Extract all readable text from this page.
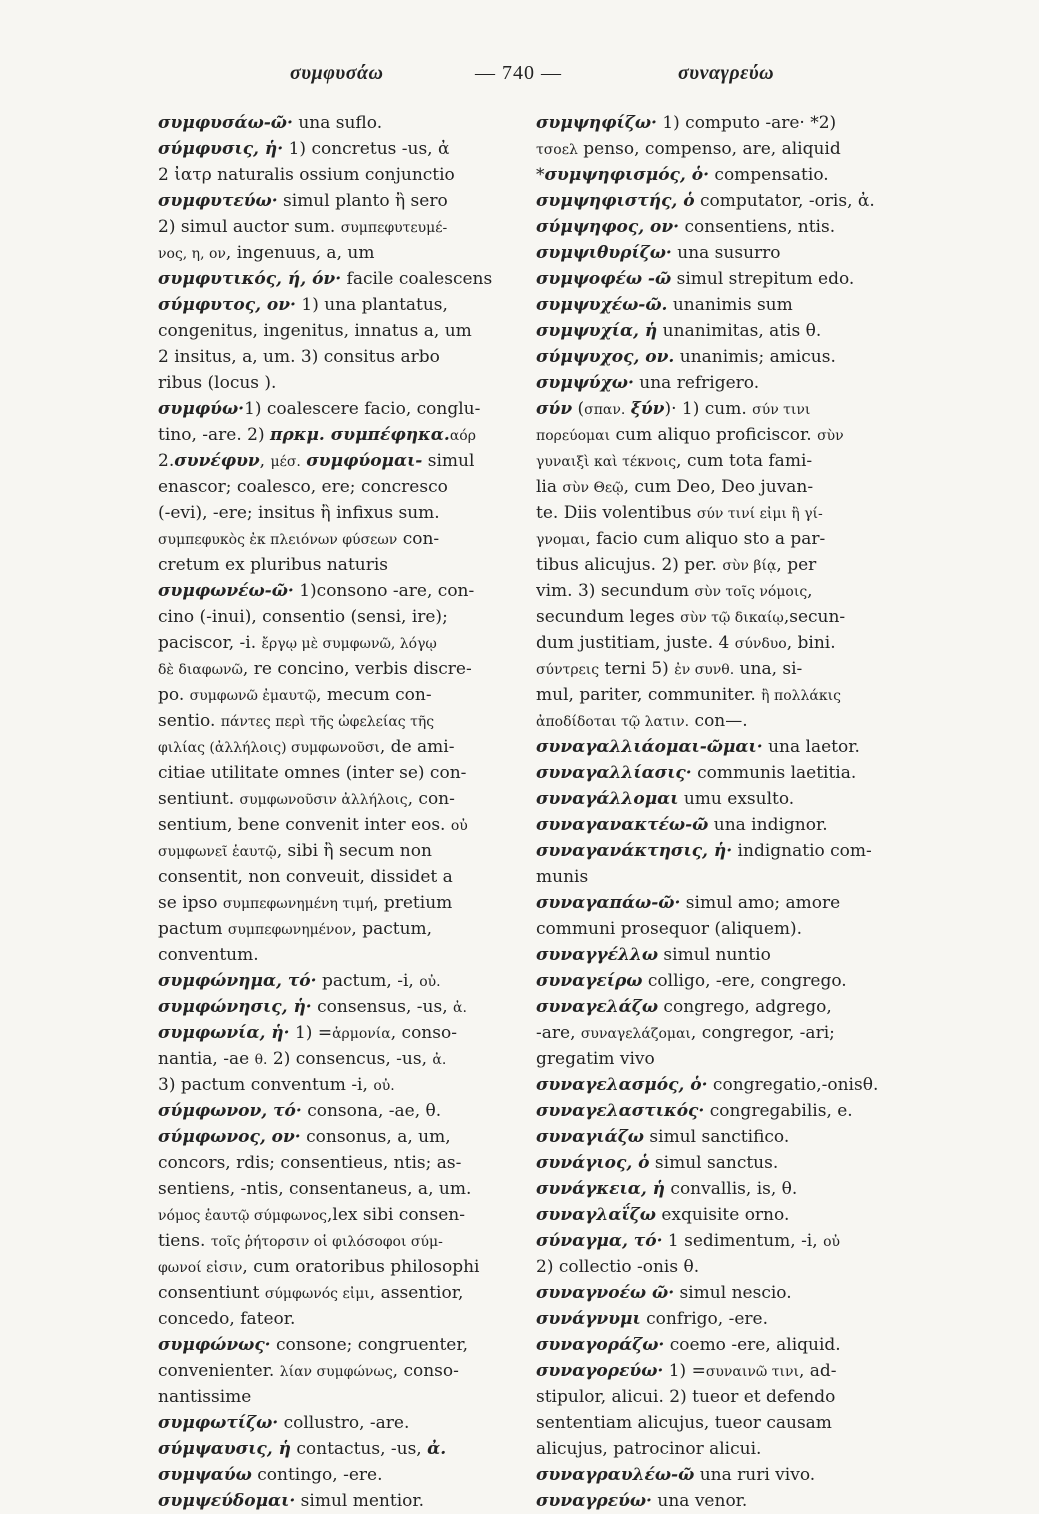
συμφυσάω	— 740 —	συναγρεύω
συμφυσάω-ῶ· una suflo.
σύμφυσις, ἡ· 1) concretus -us, ἀ
2 ἰατρ naturalis ossium conjunctio
συμφυτεύω· simul planto ἢ sero
2) simul auctor sum. συμπεφυτευμέ-
νος, η, ον, ingenuus, a, um
συμφυτικός, ή, όν· facile coalescens
σύμφυτος, ον· 1) una plantatus,
congenitus, ingenitus, innatus a, um
2 insitus, a, um. 3) consitus arbo
ribus (locus ).
συμφύω·1) coalescere facio, conglu-
tino, -are. 2) πρκμ. συμπέφηκα.αόρ
2.συνέφυν, μέσ. συμφύομαι- simul
enascor; coalesco, ere; concresco
(-evi), -ere; insitus ἢ infixus sum.
συμπεφυκὸς ἐκ πλειόνων φύσεων con-
cretum ex pluribus naturis
συμφωνέω-ῶ· 1)consono -are, con-
cino (-inui), consentio (sensi, ire);
paciscor, -i. ἔργῳ μὲ συμφωνῶ, λόγῳ
δὲ διαφωνῶ, re concino, verbis discre-
po. συμφωνῶ ἐμαυτῷ, mecum con-
sentio. πάντες περὶ τῆς ὠφελείας τῆς
φιλίας (ἀλλήλοις) συμφωνοῦσι, de ami-
citiae utilitate omnes (inter se) con-
sentiunt. συμφωνοῦσιν ἀλλήλοις, con-
sentium, bene convenit inter eos. οὐ
συμφωνεῖ ἑαυτῷ, sibi ἢ secum non
consentit, non conveuit, dissidet a
se ipso συμπεφωνημένη τιμή, pretium
pactum συμπεφωνημένον, pactum,
conventum.
συμφώνημα, τό· pactum, -i, οὐ.
συμφώνησις, ἡ· consensus, -us, ἀ.
συμφωνία, ἡ· 1) =ἁρμονία, conso-
nantia, -ae θ. 2) consencus, -us, ἀ.
3) pactum conventum -i, οὐ.
σύμφωνον, τό· consona, -ae, θ.
σύμφωνος, ον· consonus, a, um,
concors, rdis; consentieus, ntis; as-
sentiens, -ntis, consentaneus, a, um.
νόμος ἑαυτῷ σύμφωνος,lex sibi consen-
tiens. τοῖς ῥήτορσιν οἱ φιλόσοφοι σύμ-
φωνοί εἰσιν, cum oratoribus philosophi
consentiunt σύμφωνός εἰμι, assentior,
concedo, fateor.
συμφώνως· consone; congruenter,
convenienter. λίαν συμφώνως, conso-
nantissime
συμφωτίζω· collustro, -are.
σύμψαυσις, ἡ contactus, -us, ἀ.
συμψαύω contingo, -ere.
συμψεύδομαι· simul mentior.
συμψηφίζω· 1) computo -are· *2)
τσοελ penso, compenso, are, aliquid
*συμψηφισμός, ὁ· compensatio.
συμψηφιστής, ὁ computator, -oris, ἀ.
σύμψηφος, ον· consentiens, ntis.
συμψιθυρίζω· una susurro
συμψοφέω -ῶ simul strepitum edo.
συμψυχέω-ῶ. unanimis sum
συμψυχία, ἡ unanimitas, atis θ.
σύμψυχος, ον. unanimis; amicus.
συμψύχω· una refrigero.
σύν (σπαν. ξύν)· 1) cum. σύν τινι
πορεύομαι cum aliquo proficiscor. σὺν
γυναιξὶ καὶ τέκνοις, cum tota fami-
lia σὺν Θεῷ, cum Deo, Deo juvan-
te. Diis volentibus σύν τινί εἰμι ἢ γί-
γνομαι, facio cum aliquo sto a par-
tibus alicujus. 2) per. σὺν βίᾳ, per
vim. 3) secundum σὺν τοῖς νόμοις,
secundum leges σὺν τῷ δικαίῳ,secun-
dum justitiam, juste. 4 σύνδυο, bini.
σύντρεις terni 5) ἐν συνθ. una, si-
mul, pariter, communiter. ἢ πολλάκις
ἀποδίδοται τῷ λατιν. con—.
συναγαλλιάομαι-ῶμαι· una laetor.
συναγαλλίασις· communis laetitia.
συναγάλλομαι umu exsulto.
συναγανακτέω-ῶ una indignor.
συναγανάκτησις, ἡ· indignatio com-
munis
συναγαπάω-ῶ· simul amo; amore
communi prosequor (aliquem).
συναγγέλλω simul nuntio
συναγείρω colligo, -ere, congrego.
συναγελάζω congrego, adgrego,
-are, συναγελάζομαι, congregor, -ari;
gregatim vivo
συναγελασμός, ὁ· congregatio,-onisθ.
συναγελαστικός· congregabilis, e.
συναγιάζω simul sanctifico.
συνάγιος, ὁ simul sanctus.
συνάγκεια, ἡ convallis, is, θ.
συναγλαΐζω exquisite orno.
σύναγμα, τό· 1 sedimentum, -i, οὐ
2) collectio -onis θ.
συναγνοέω ῶ· simul nescio.
συνάγνυμι confrigo, -ere.
συναγοράζω· coemo -ere, aliquid.
συναγορεύω· 1) =συναινῶ τινι, ad-
stipulor, alicui. 2) tueor et defendo
sententiam alicujus, tueor causam
alicujus, patrocinor alicui.
συναγραυλέω-ῶ una ruri vivo.
συναγρεύω· una venor.
